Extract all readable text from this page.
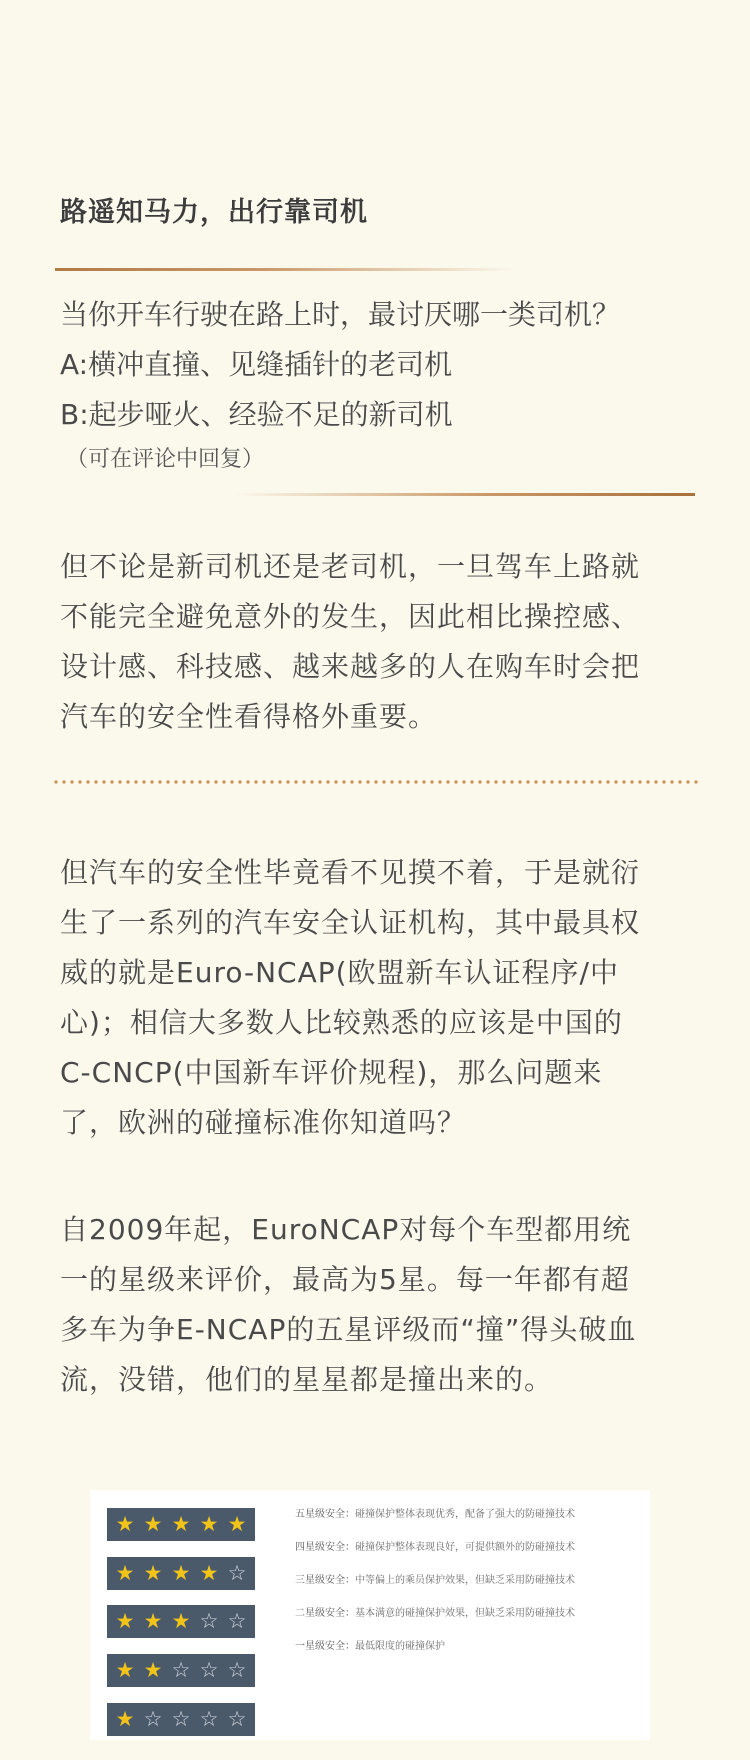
路遥知马力，出行靠司机
当你开车行驶在路上时，最讨厌哪一类司机？
A:横冲直撞、见缝插针的老司机
B:起步哑火、经验不足的新司机
（可在评论中回复）
但不论是新司机还是老司机，一旦驾车上路就
不能完全避免意外的发生，因此相比操控感、
设计感、科技感、越来越多的人在购车时会把
汽车的安全性看得格外重要。
但汽车的安全性毕竟看不见摸不着，于是就衍
生了一系列的汽车安全认证机构，其中最具权
威的就是Euro-NCAP(欧盟新车认证程序/中
心)；相信大多数人比较熟悉的应该是中国的
C-CNCP(中国新车评价规程)，那么问题来
了，欧洲的碰撞标准你知道吗？
自2009年起，EuroNCAP对每个车型都用统
一的星级来评价，最高为5星。每一年都有超
多车为争E-NCAP的五星评级而“撞”得头破血
流，没错，他们的星星都是撞出来的。
★ ★ ★ ★ ★
★ ★ ★ ★ ☆
★ ★ ★ ☆ ☆
★ ★ ☆ ☆ ☆
★ ☆ ☆ ☆ ☆
五星级安全：碰撞保护整体表现优秀，配备了强大的防碰撞技术
四星级安全：碰撞保护整体表现良好，可提供额外的防碰撞技术
三星级安全：中等偏上的乘员保护效果，但缺乏采用防碰撞技术
二星级安全：基本满意的碰撞保护效果，但缺乏采用防碰撞技术
一星级安全：最低限度的碰撞保护
